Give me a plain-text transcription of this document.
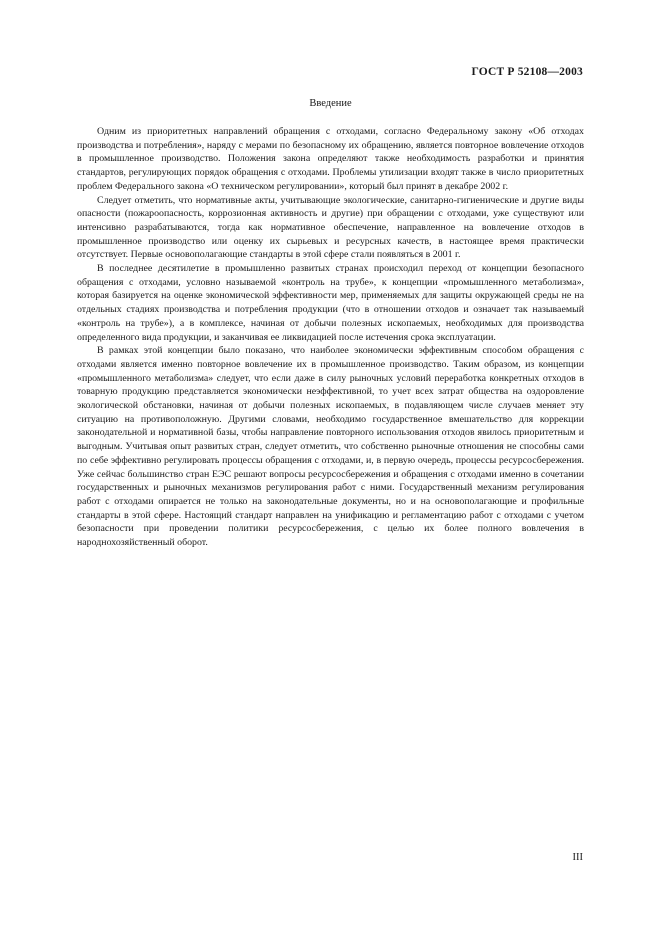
ГОСТ Р 52108—2003
Введение

Одним из приоритетных направлений обращения с отходами, согласно Федеральному закону «Об отходах производства и потребления», наряду с мерами по безопасному их обращению, является повторное вовлечение отходов в промышленное производство. Положения закона определяют также необходимость разработки и принятия стандартов, регулирующих порядок обращения с отходами. Проблемы утилизации входят также в число приоритетных проблем Федерального закона «О техническом регулировании», который был принят в декабре 2002 г.

Следует отметить, что нормативные акты, учитывающие экологические, санитарно-гигиенические и другие виды опасности (пожароопасность, коррозионная активность и другие) при обращении с отходами, уже существуют или интенсивно разрабатываются, тогда как нормативное обеспечение, направленное на вовлечение отходов в промышленное производство или оценку их сырьевых и ресурсных качеств, в настоящее время практически отсутствует. Первые основополагающие стандарты в этой сфере стали появляться в 2001 г.

В последнее десятилетие в промышленно развитых странах происходил переход от концепции безопасного обращения с отходами, условно называемой «контроль на трубе», к концепции «промышленного метаболизма», которая базируется на оценке экономической эффективности мер, применяемых для защиты окружающей среды не на отдельных стадиях производства и потребления продукции (что в отношении отходов и означает так называемый «контроль на трубе»), а в комплексе, начиная от добычи полезных ископаемых, необходимых для производства определенного вида продукции, и заканчивая ее ликвидацией после истечения срока эксплуатации.

В рамках этой концепции было показано, что наиболее экономически эффективным способом обращения с отходами является именно повторное вовлечение их в промышленное производство. Таким образом, из концепции «промышленного метаболизма» следует, что если даже в силу рыночных условий переработка конкретных отходов в товарную продукцию представляется экономически неэффективной, то учет всех затрат общества на оздоровление экологической обстановки, начиная от добычи полезных ископаемых, в подавляющем числе случаев меняет эту ситуацию на противоположную. Другими словами, необходимо государственное вмешательство для коррекции законодательной и нормативной базы, чтобы направление повторного использования отходов явилось приоритетным и выгодным. Учитывая опыт развитых стран, следует отметить, что собственно рыночные отношения не способны сами по себе эффективно регулировать процессы обращения с отходами, и, в первую очередь, процессы ресурсосбережения. Уже сейчас большинство стран ЕЭС решают вопросы ресурсосбережения и обращения с отходами именно в сочетании государственных и рыночных механизмов регулирования работ с ними. Государственный механизм регулирования работ с отходами опирается не только на законодательные документы, но и на основополагающие и профильные стандарты в этой сфере. Настоящий стандарт направлен на унификацию и регламентацию работ с отходами с учетом безопасности при проведении политики ресурсосбережения, с целью их более полного вовлечения в народнохозяйственный оборот.

III
